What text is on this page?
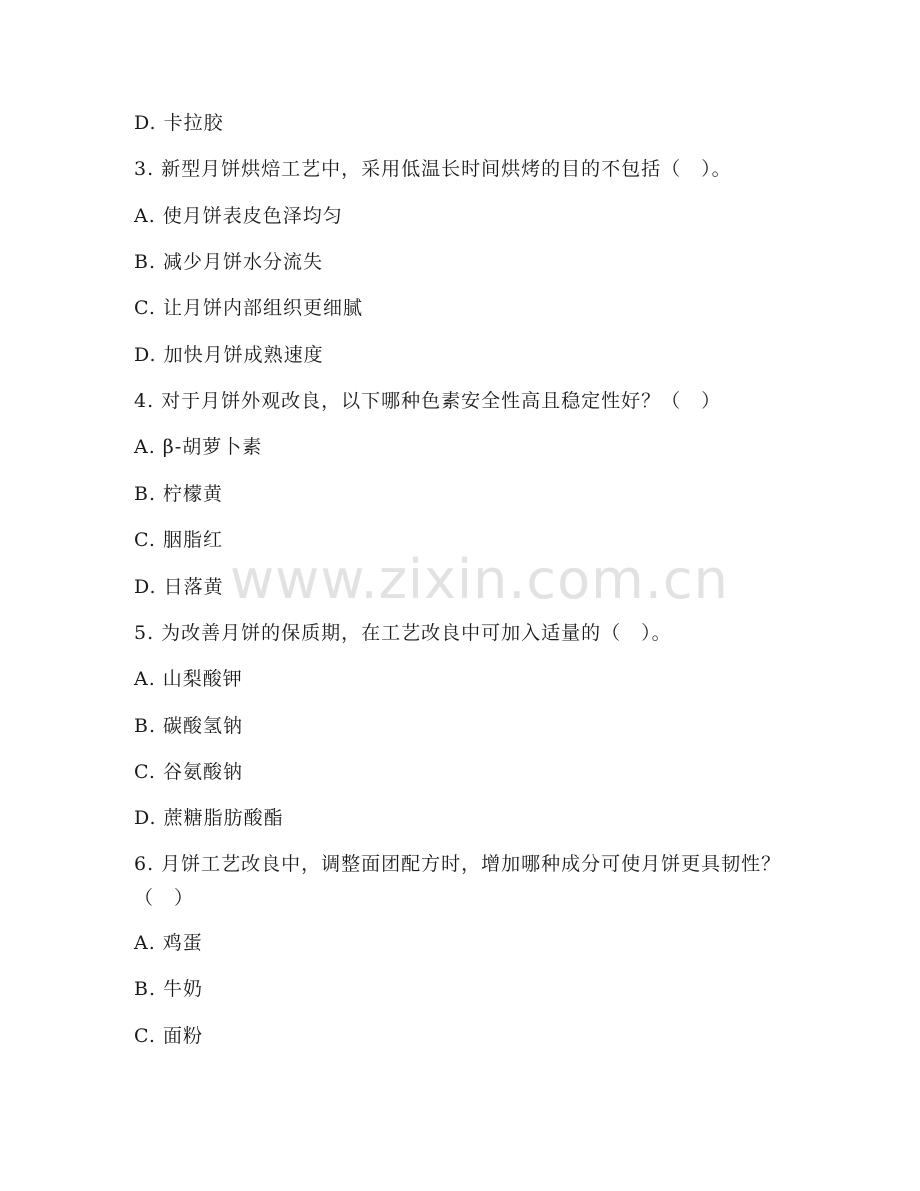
D. 卡拉胶
3. 新型月饼烘焙工艺中，采用低温长时间烘烤的目的不包括（　）。
A. 使月饼表皮色泽均匀
B. 减少月饼水分流失
C. 让月饼内部组织更细腻
D. 加快月饼成熟速度
4. 对于月饼外观改良，以下哪种色素安全性高且稳定性好？（　）
A. β-胡萝卜素
B. 柠檬黄
C. 胭脂红
D. 日落黄
5. 为改善月饼的保质期，在工艺改良中可加入适量的（　）。
A. 山梨酸钾
B. 碳酸氢钠
C. 谷氨酸钠
D. 蔗糖脂肪酸酯
6. 月饼工艺改良中，调整面团配方时，增加哪种成分可使月饼更具韧性？（　）
A. 鸡蛋
B. 牛奶
C. 面粉
www.zixin.com.cn
